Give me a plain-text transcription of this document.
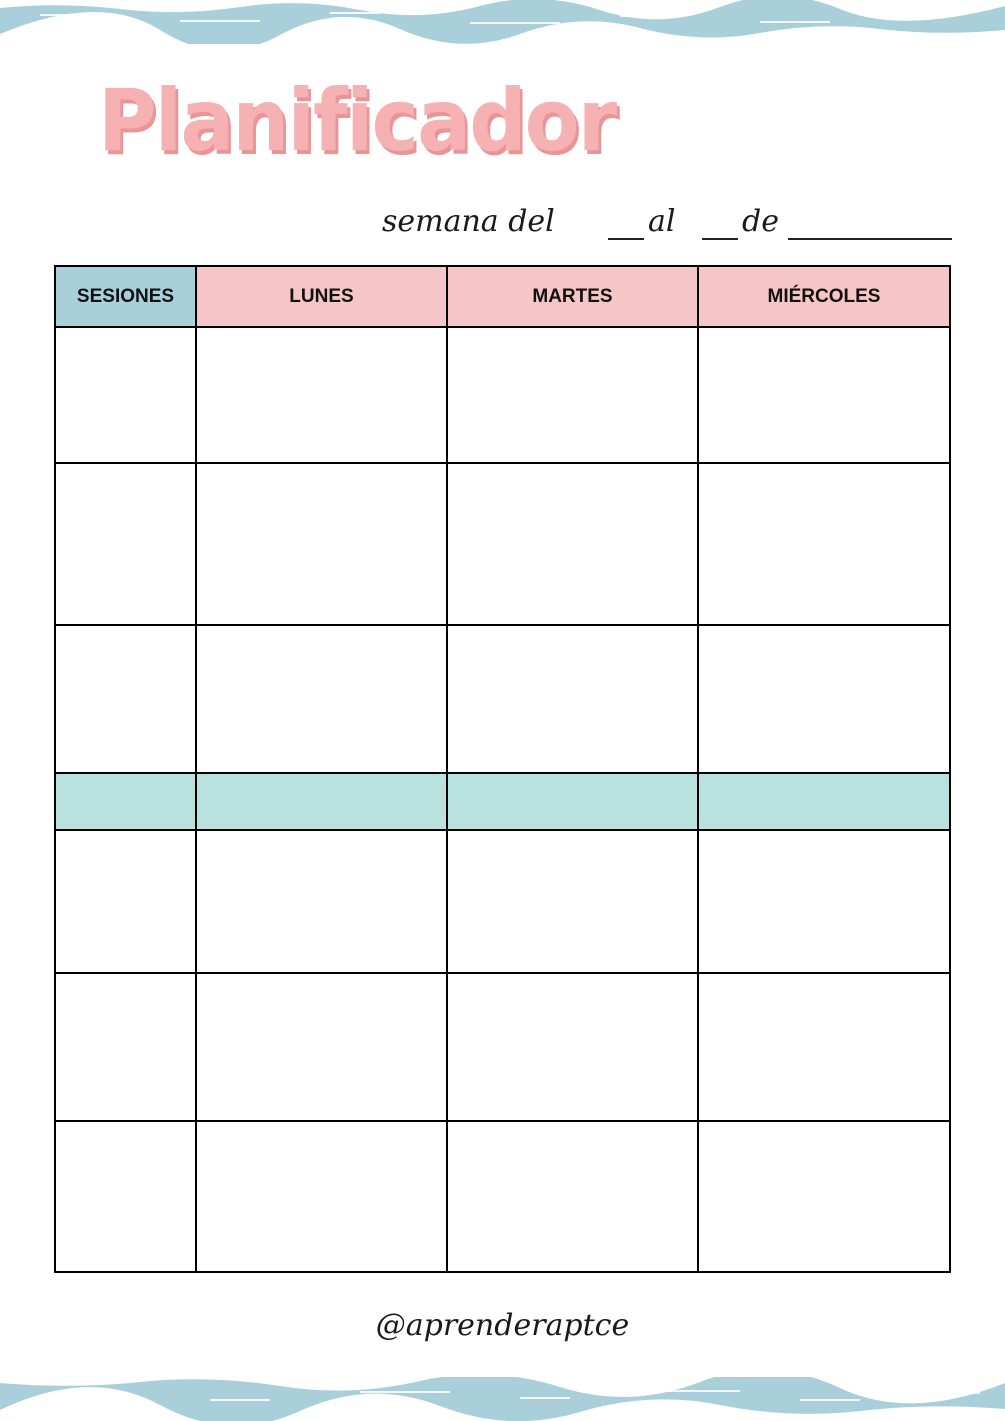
Planificador
semana del	al de
SESIONES	LUNES	MARTES	MIÉRCOLES
@aprenderaptce
